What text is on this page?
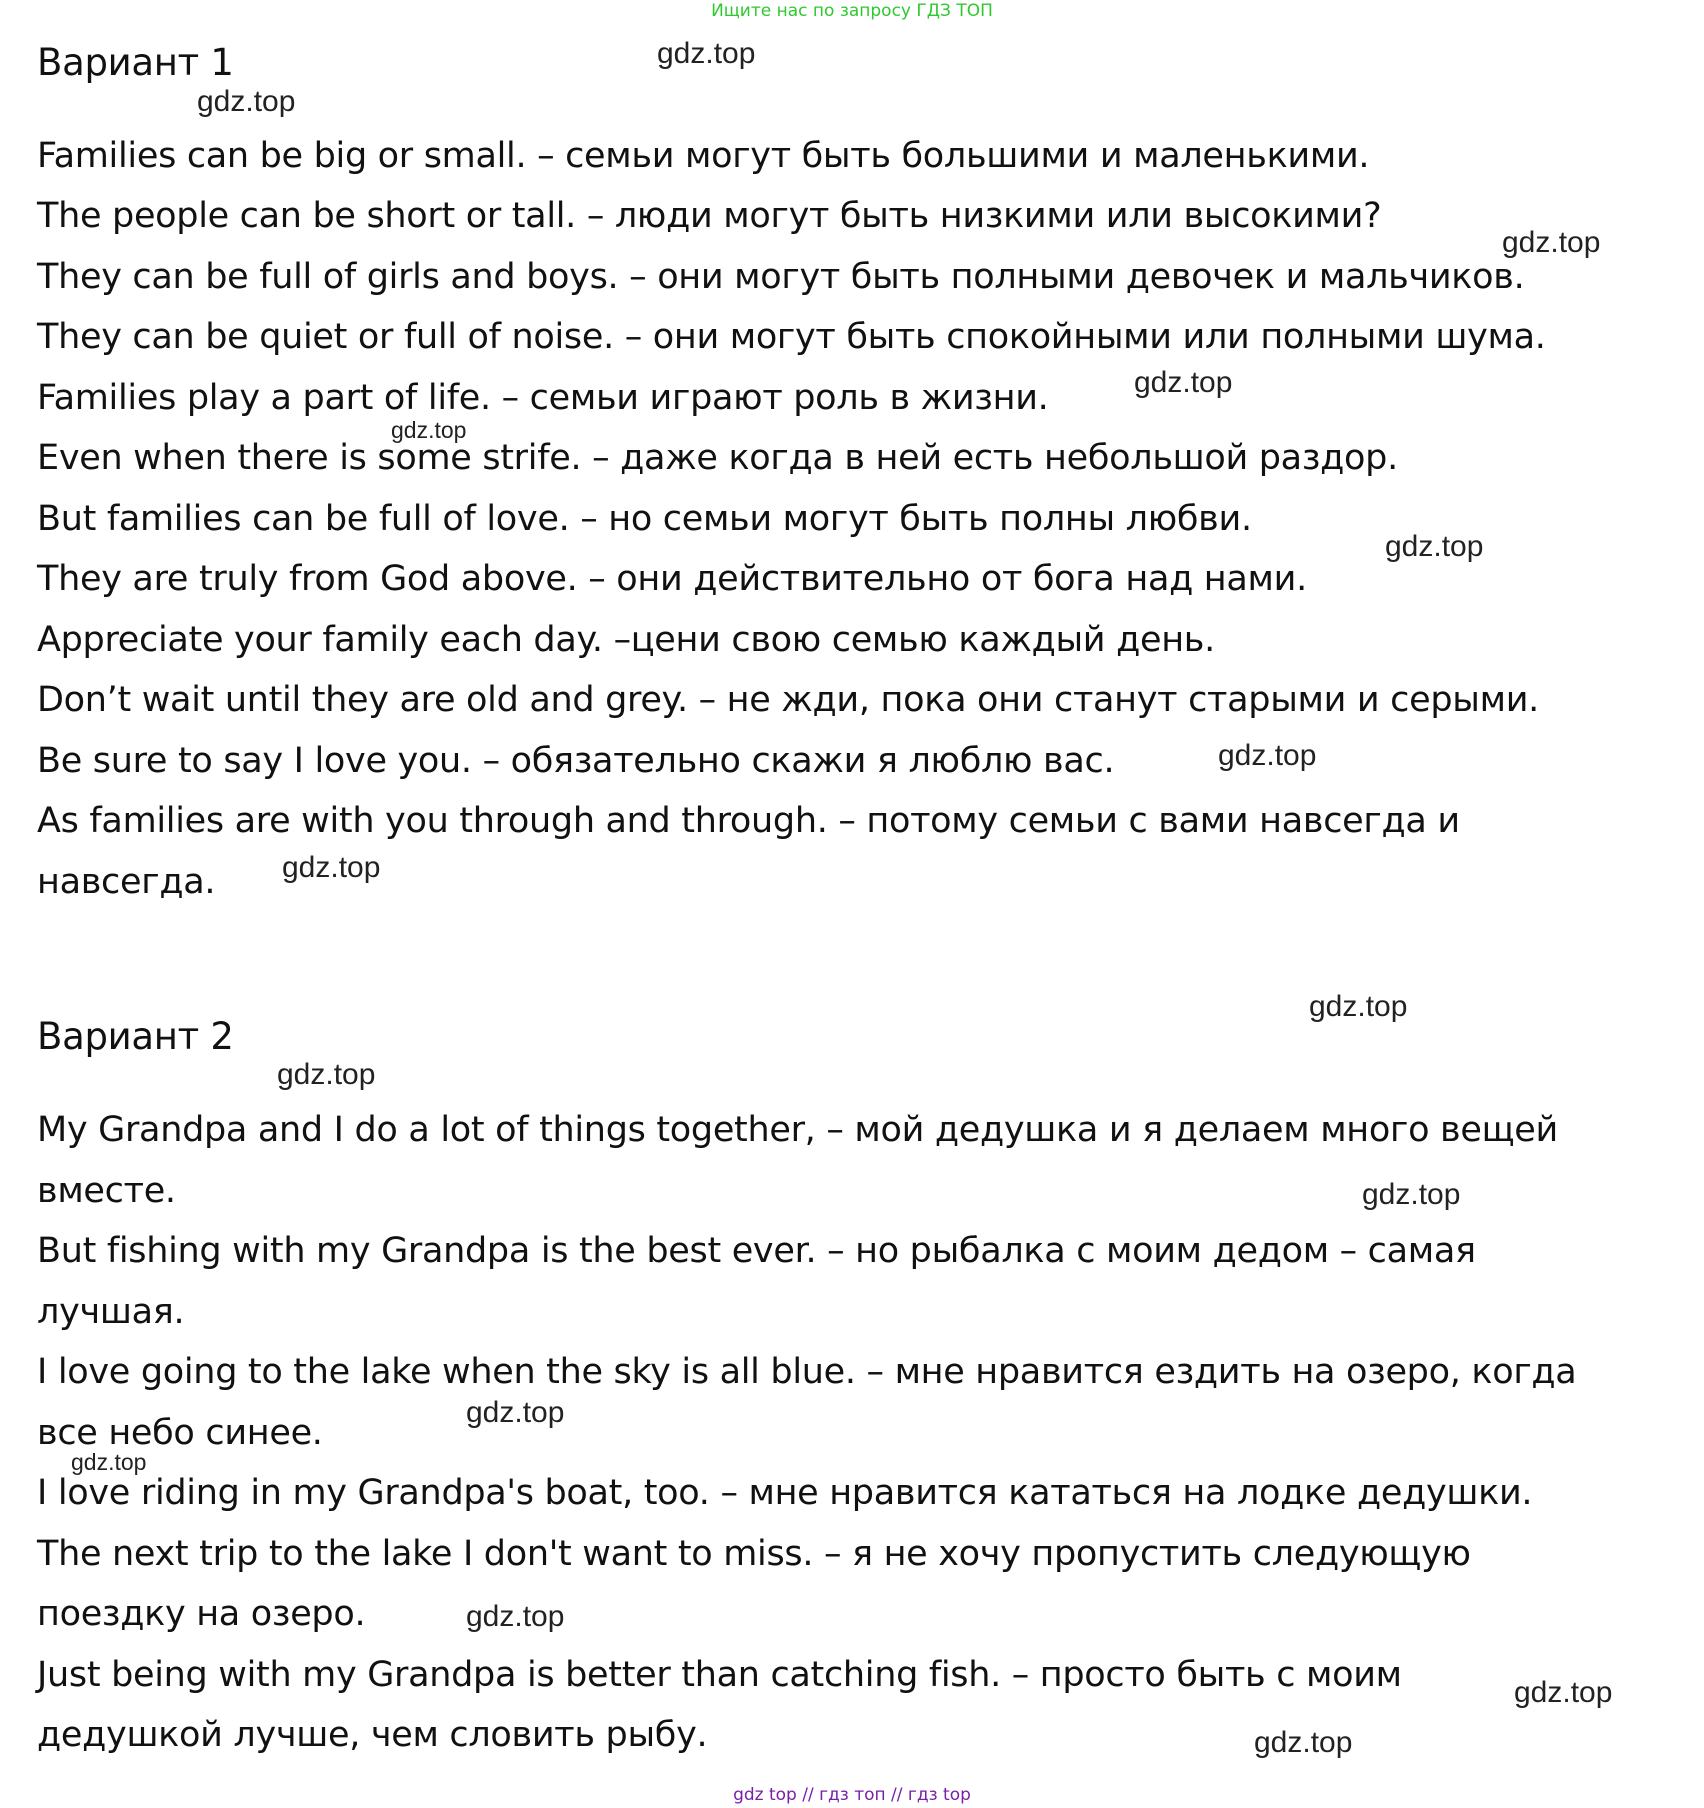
Ищите нас по запросу ГДЗ ТОП
Вариант 1
Families can be big or small. – семьи могут быть большими и маленькими.
The people can be short or tall. – люди могут быть низкими или высокими?
They can be full of girls and boys. – они могут быть полными девочек и мальчиков.
They can be quiet or full of noise. – они могут быть спокойными или полными шума.
Families play a part of life. – семьи играют роль в жизни.
Even when there is some strife. – даже когда в ней есть небольшой раздор.
But families can be full of love. – но семьи могут быть полны любви.
They are truly from God above. – они действительно от бога над нами.
Appreciate your family each day. –цени свою семью каждый день.
Don’t wait until they are old and grey. – не жди, пока они станут старыми и серыми.
Be sure to say I love you. – обязательно скажи я люблю вас.
As families are with you through and through. – потому семьи с вами навсегда и
навсегда.
Вариант 2
My Grandpa and I do a lot of things together, – мой дедушка и я делаем много вещей
вместе.
But fishing with my Grandpa is the best ever. – но рыбалка с моим дедом – самая
лучшая.
I love going to the lake when the sky is all blue. – мне нравится ездить на озеро, когда
все небо синее.
I love riding in my Grandpa's boat, too. – мне нравится кататься на лодке дедушки.
The next trip to the lake I don't want to miss. – я не хочу пропустить следующую
поездку на озеро.
Just being with my Grandpa is better than catching fish. – просто быть с моим
дедушкой лучше, чем словить рыбу.
gdz.top
gdz.top
gdz.top
gdz.top
gdz.top
gdz.top
gdz.top
gdz.top
gdz.top
gdz.top
gdz.top
gdz.top
gdz.top
gdz.top
gdz.top
gdz.top
gdz top // гдз топ // гдз top
